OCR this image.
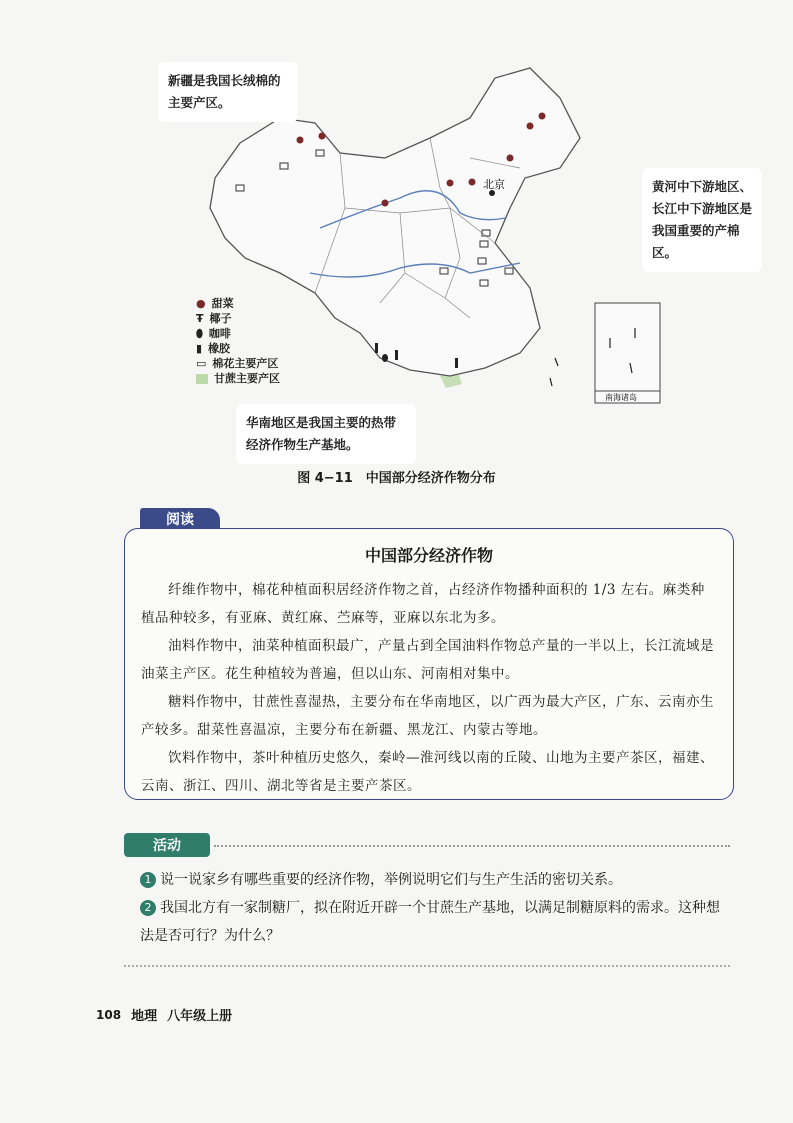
北京
南海诸岛
新疆是我国长绒棉的主要产区。
黄河中下游地区、长江中下游地区是我国重要的产棉区。
华南地区是我国主要的热带经济作物生产基地。
● 甜菜
Ŧ 椰子
⬮ 咖啡
▮ 橡胶
▭ 棉花主要产区
甘蔗主要产区
图 4−11　中国部分经济作物分布
阅读
中国部分经济作物

纤维作物中，棉花种植面积居经济作物之首，占经济作物播种面积的 1/3 左右。麻类种植品种较多，有亚麻、黄红麻、苎麻等，亚麻以东北为多。

油料作物中，油菜种植面积最广，产量占到全国油料作物总产量的一半以上，长江流域是油菜主产区。花生种植较为普遍，但以山东、河南相对集中。

糖料作物中，甘蔗性喜湿热，主要分布在华南地区，以广西为最大产区，广东、云南亦生产较多。甜菜性喜温凉，主要分布在新疆、黑龙江、内蒙古等地。

饮料作物中，茶叶种植历史悠久，秦岭—淮河线以南的丘陵、山地为主要产茶区，福建、云南、浙江、四川、湖北等省是主要产茶区。

活动

1 说一说家乡有哪些重要的经济作物，举例说明它们与生产生活的密切关系。

2 我国北方有一家制糖厂，拟在附近开辟一个甘蔗生产基地，以满足制糖原料的需求。这种想法是否可行？为什么？

108 地理 八年级上册
